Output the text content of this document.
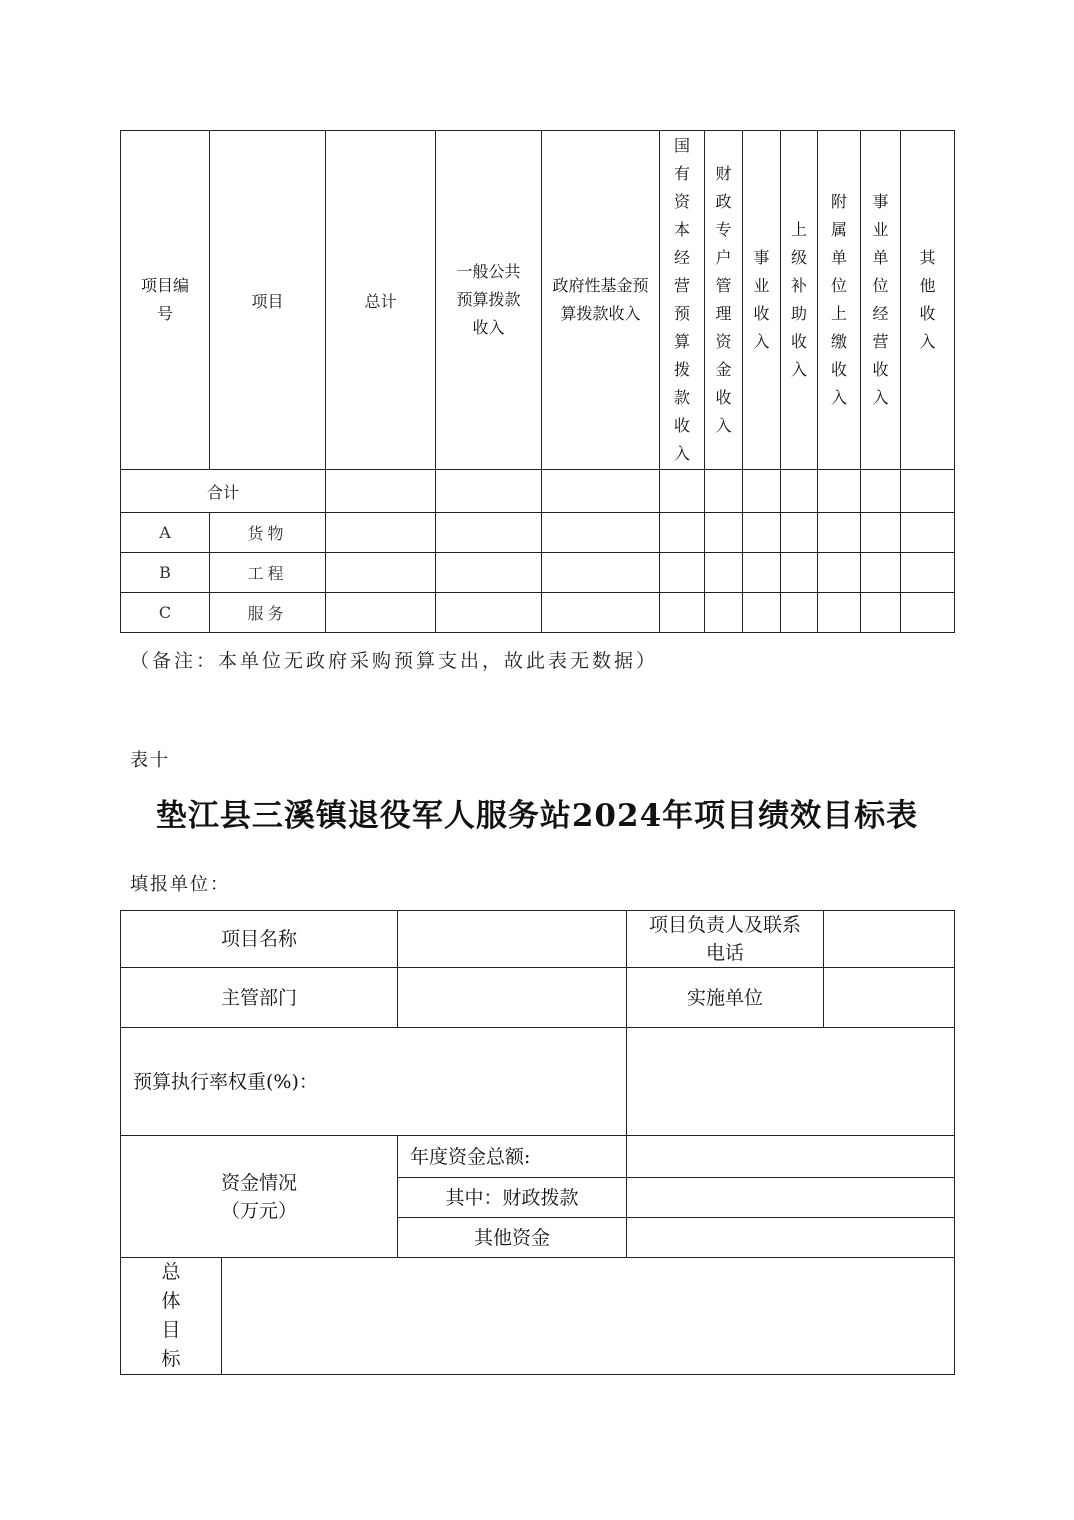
项目编号	项目	总计	一般公共预算拨款收入	政府性基金预算拨款收入	国有资本经营预算拨款收入	财政专户管理资金收入	事业收入	上级补助收入	附属单位上缴收入	事业单位经营收入	其他收入
合计											
A	货物										
B	工程										
C	服务										
（备注：本单位无政府采购预算支出，故此表无数据）
表十
垫江县三溪镇退役军人服务站2024年项目绩效目标表
填报单位：
项目名称			项目负责人及联系电话	
主管部门			实施单位	
预算执行率权重(%)：				
资金情况
（万元）		年度资金总额:		
		其中：财政拨款		
		其他资金		
总体目标				
